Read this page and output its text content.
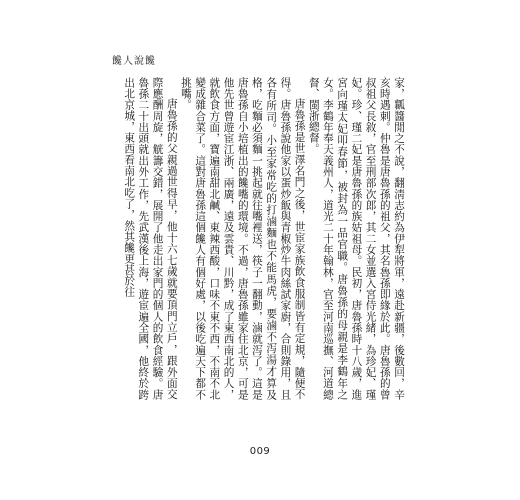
饞人說饞

家，瓤醬閒之不說，翻淸志約為伊犁將軍，遠赴新疆，後數回，辛亥時遇刺。仲魯是唐魯孫的祖父，其名魯孫即緣於此。唐魯孫的曾叔祖父長敘，官至刑部次郎，其二女並選入宮侍光緒，為珍妃、瑾妃。珍、瑾二妃是唐魯孫的族姑祖母。民初，唐魯孫時十八歲，進宮向瑾太妃叩春節，被封為一品官職。唐魯孫的母親是李鶴年之女。李鶴年奉天義州人，道光二十年翰林，官至河南巡撫、河道總督、閩浙總督。

唐魯孫是世澤名門之後，世宦家族飲食服制皆有定規，隨便不得。唐魯孫說他家以蛋炒飯與青椒炒牛肉絲試家廚，合則錄用，且各有所司。小至家常吃的打滷麵也不能馬虎，要滷不泻湯才算及格，吃麵必須麵一挑起就往嘴裡送，筷子一翻動，滷就泻了。這是唐魯孫自小培植出的饞嘴的環境。不過，唐魯孫雖家住北京，可是他先世曾遊宦江浙、兩廣，遠及雲貴、川黔，成了東西南北的人，就飲食方面，寶遍南甜北鹹、東辣西酸，口味不東不西，不南不北變成雜合菜了。這對唐魯孫這個饞人有個好處，以後吃遍天下都不挑嘴。

唐魯孫的父親過世得早，他十六七歲就要頂門立戶，跟外面交際應酬周旋，觥籌交錯，展開了他走出家門的個人的飲食經驗。唐魯孫二十出頭就出外工作，先武漢後上海，遊宦遍全國，他終於跨出北京城，東西看南北吃了，然其饞更甚於往

009
